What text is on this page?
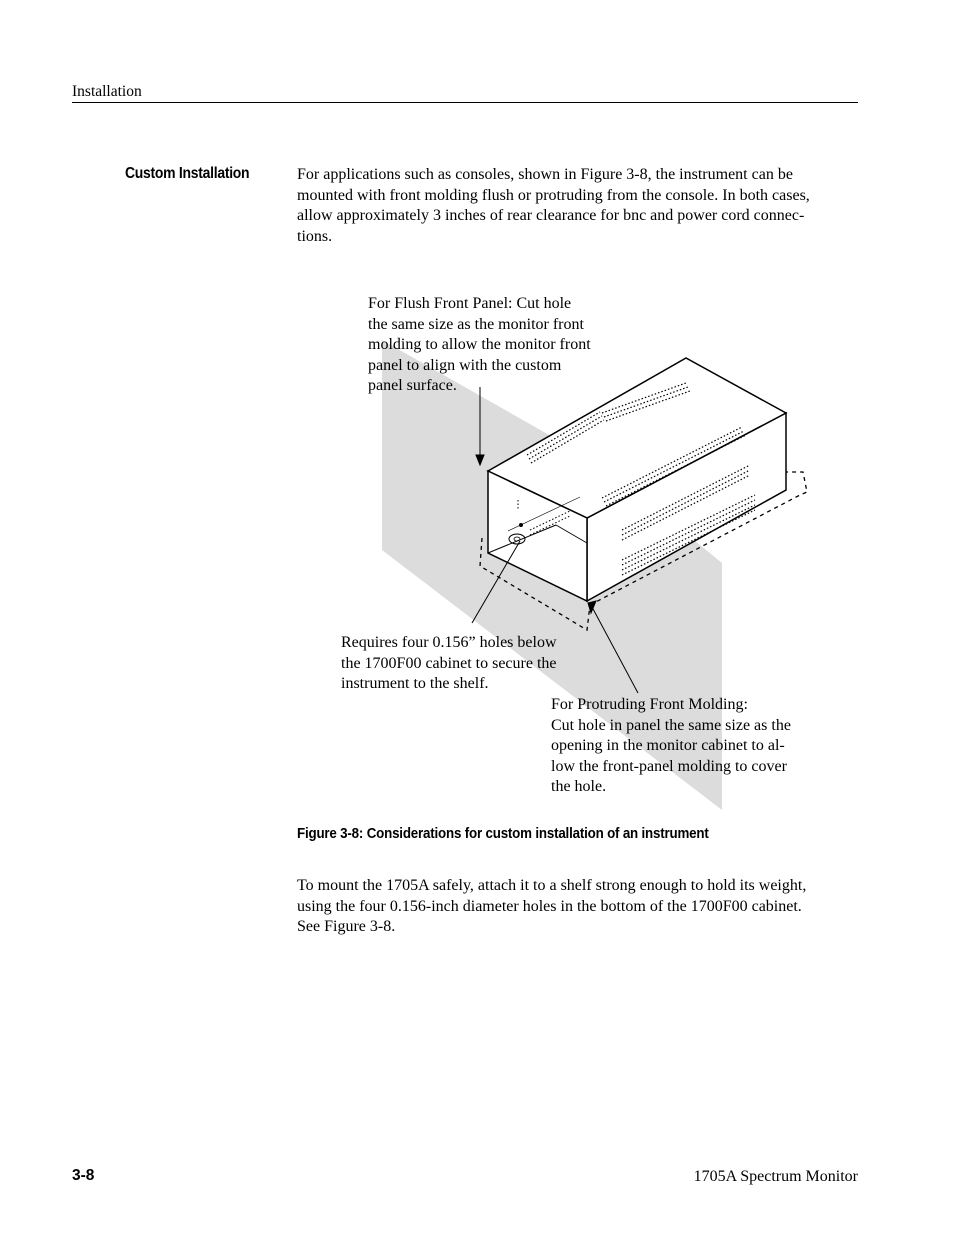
Installation
Custom Installation	For applications such as consoles, shown in Figure 3-8, the instrument can be
mounted with front molding flush or protruding from the console. In both cases,
allow approximately 3 inches of rear clearance for bnc and power cord connec-
tions.
For Flush Front Panel: Cut hole
the same size as the monitor front
molding to allow the monitor front
panel to align with the custom
panel surface.
Requires four 0.156” holes below
the 1700F00 cabinet to secure the
instrument to the shelf.
For Protruding Front Molding:
Cut hole in panel the same size as the
opening in the monitor cabinet to al-
low the front-panel molding to cover
the hole.
Figure 3-8: Considerations for custom installation of an instrument
To mount the 1705A safely, attach it to a shelf strong enough to hold its weight,
using the four 0.156-inch diameter holes in the bottom of the 1700F00 cabinet.
See Figure 3-8.
3-8	1705A Spectrum Monitor
